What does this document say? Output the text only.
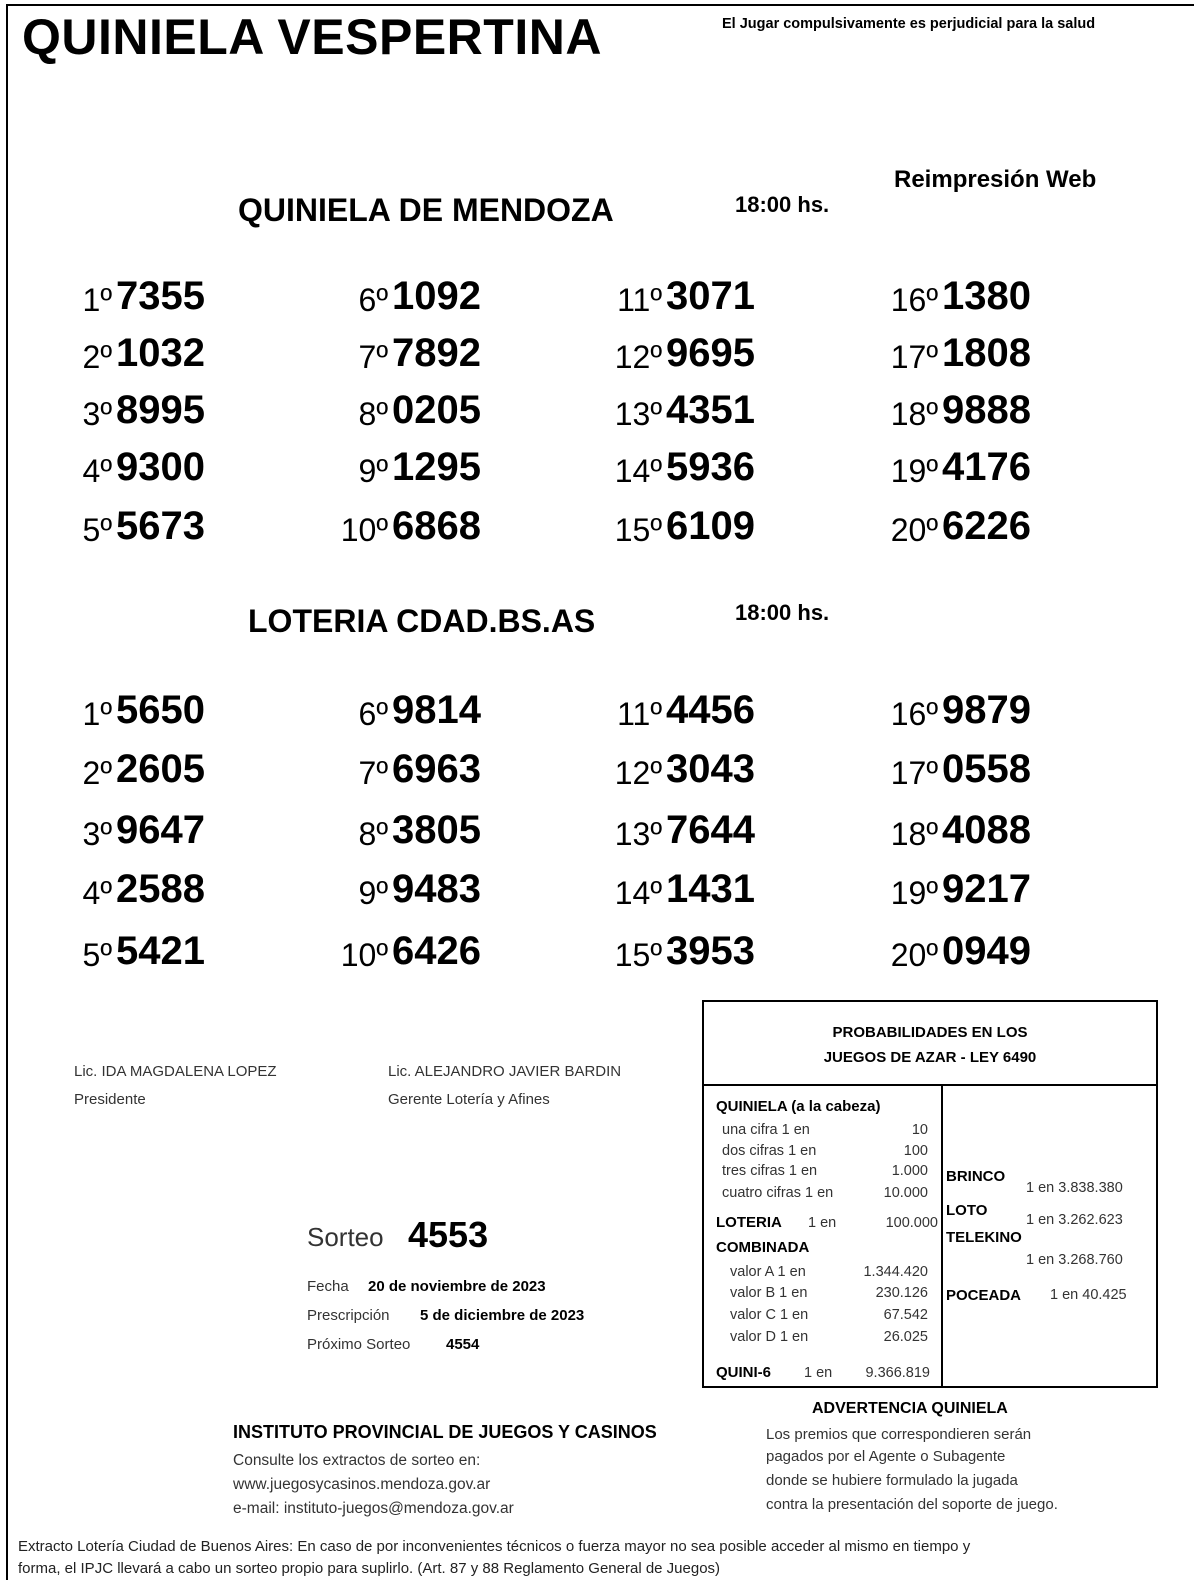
QUINIELA VESPERTINA	El Jugar compulsivamente es perjudicial para la salud
Reimpresión Web
QUINIELA DE MENDOZA	18:00 hs.
1º 7355
2º 1032
3º 8995
4º 9300
5º 5673
6º 1092
7º 7892
8º 0205
9º 1295
10º 6868
11º 3071
12º 9695
13º 4351
14º 5936
15º 6109
16º 1380
17º 1808
18º 9888
19º 4176
20º 6226
LOTERIA CDAD.BS.AS	18:00 hs.
1º 5650
2º 2605
3º 9647
4º 2588
5º 5421
6º 9814
7º 6963
8º 3805
9º 9483
10º 6426
11º 4456
12º 3043
13º 7644
14º 1431
15º 3953
16º 9879
17º 0558
18º 4088
19º 9217
20º 0949
Lic. IDA MAGDALENA LOPEZ
Presidente
Lic. ALEJANDRO JAVIER BARDIN
Gerente Lotería y Afines
Sorteo 4553
Fecha 20 de noviembre de 2023
Prescripción 5 de diciembre de 2023
Próximo Sorteo 4554
PROBABILIDADES EN LOS
JUEGOS DE AZAR - LEY 6490
QUINIELA (a la cabeza)
una cifra 1 en	10
dos cifras 1 en	100
tres cifras 1 en	1.000
cuatro cifras 1 en	10.000
LOTERIA 1 en	100.000
COMBINADA
valor A 1 en	1.344.420
valor B 1 en	230.126
valor C 1 en	67.542
valor D 1 en	26.025
QUINI-6 1 en	9.366.819
BRINCO
1 en 3.838.380
LOTO
1 en 3.262.623
TELEKINO
1 en 3.268.760
POCEADA 1 en 40.425
ADVERTENCIA QUINIELA
Los premios que correspondieren serán
pagados por el Agente o Subagente
donde se hubiere formulado la jugada
contra la presentación del soporte de juego.
INSTITUTO PROVINCIAL DE JUEGOS Y CASINOS
Consulte los extractos de sorteo en:
www.juegosycasinos.mendoza.gov.ar
e-mail: instituto-juegos@mendoza.gov.ar
Extracto Lotería Ciudad de Buenos Aires: En caso de por inconvenientes técnicos o fuerza mayor no sea posible acceder al mismo en tiempo y
forma, el IPJC llevará a cabo un sorteo propio para suplirlo. (Art. 87 y 88 Reglamento General de Juegos)
